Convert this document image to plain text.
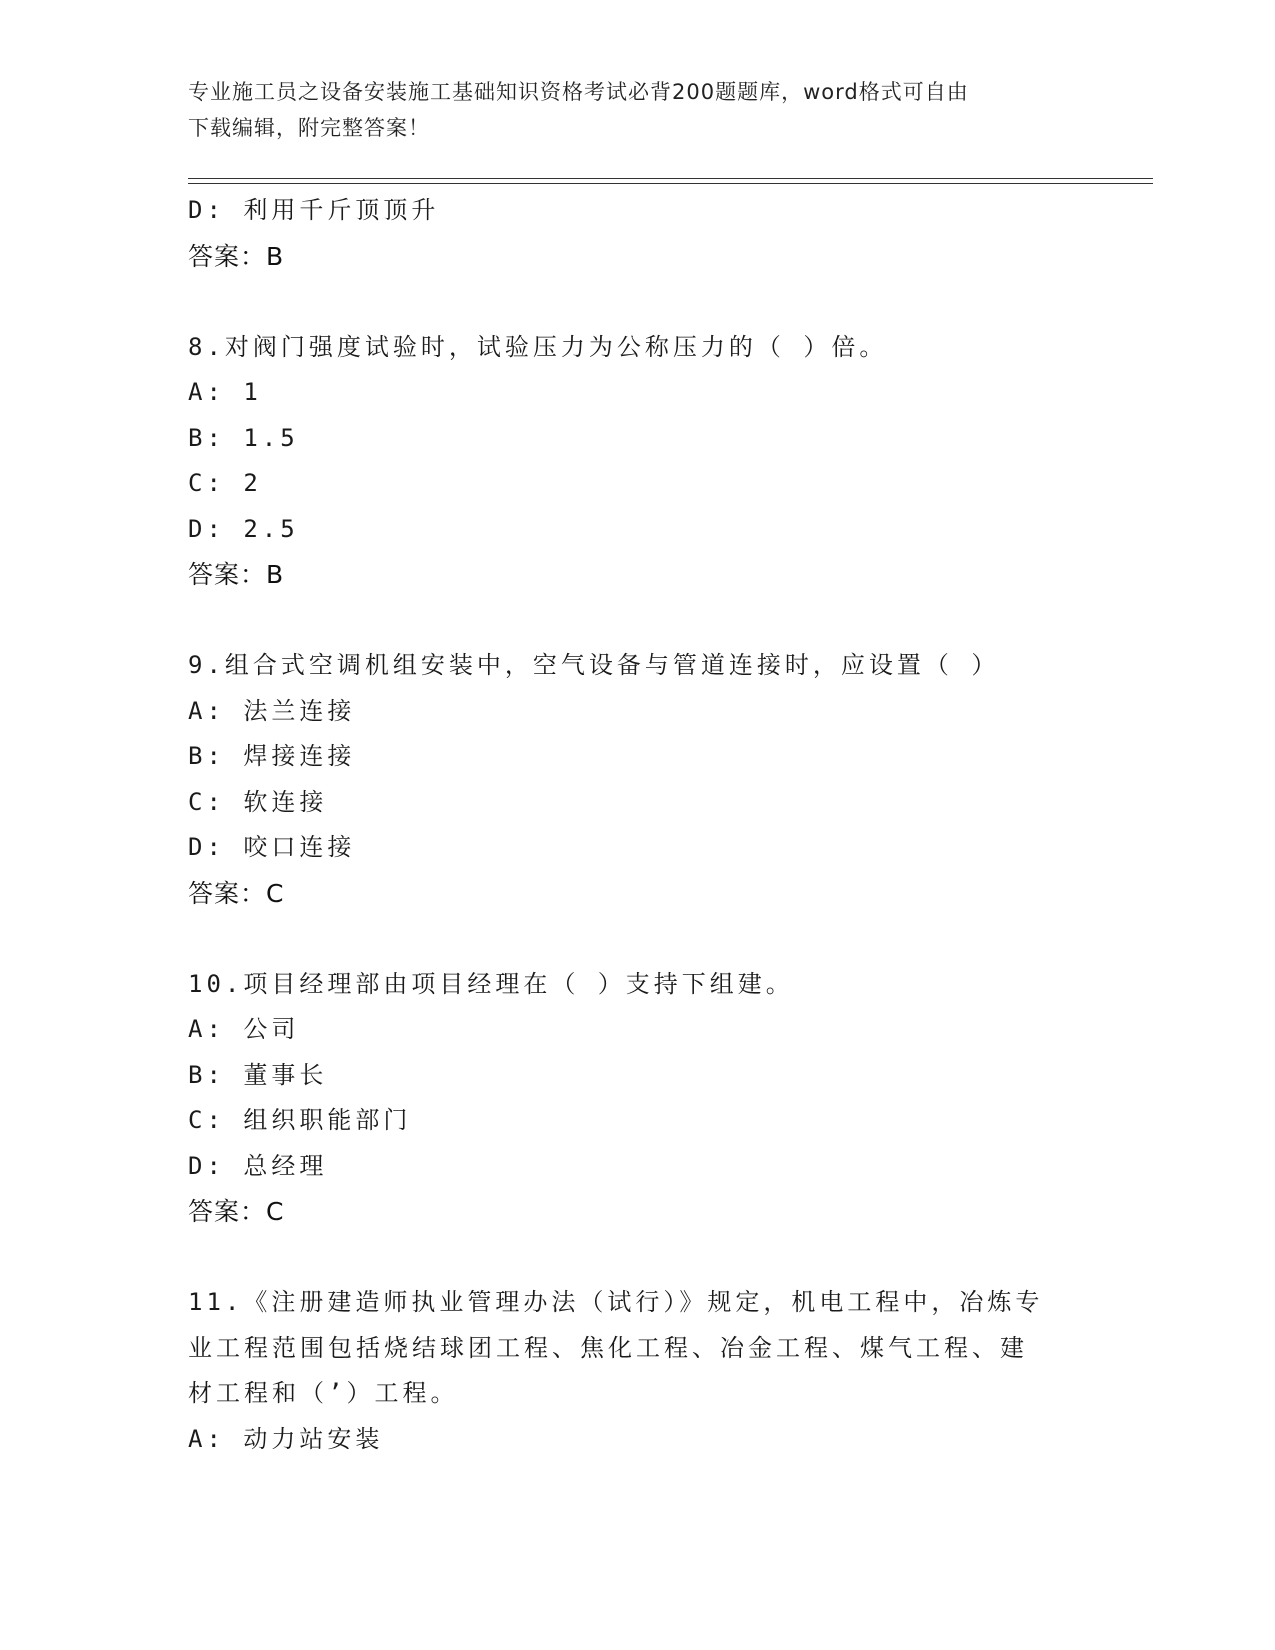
专业施工员之设备安装施工基础知识资格考试必背200题题库，word格式可自由
下载编辑，附完整答案！
D: 利用千斤顶顶升
答案：B
8.对阀门强度试验时，试验压力为公称压力的（ ）倍。
A: 1
B: 1.5
C: 2
D: 2.5
答案：B
9.组合式空调机组安装中，空气设备与管道连接时，应设置（ ）
A: 法兰连接
B: 焊接连接
C: 软连接
D: 咬口连接
答案：C
10.项目经理部由项目经理在（ ）支持下组建。
A: 公司
B: 董事长
C: 组织职能部门
D: 总经理
答案：C
11.《注册建造师执业管理办法（试行）》规定，机电工程中，冶炼专
业工程范围包括烧结球团工程、焦化工程、冶金工程、煤气工程、建
材工程和（’）工程。
A: 动力站安装
